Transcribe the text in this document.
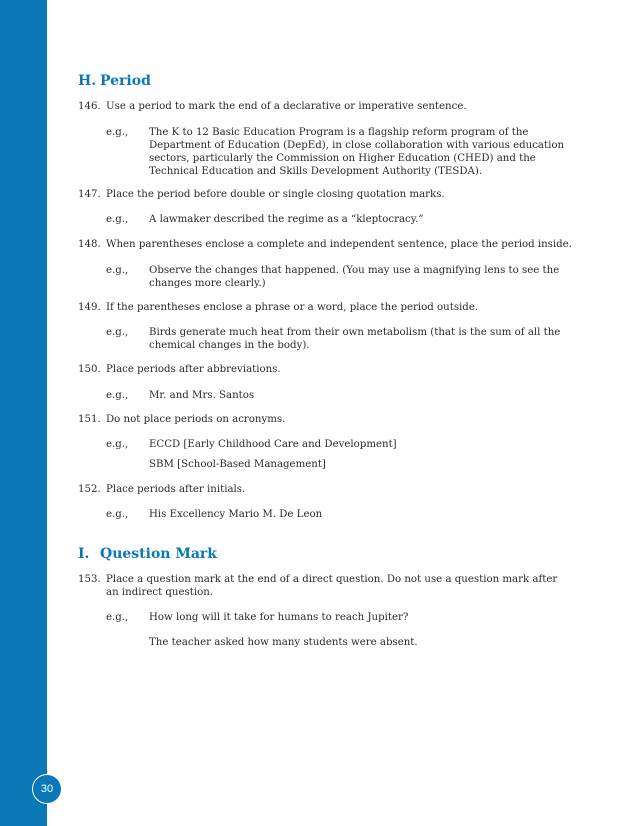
H. Period
146. Use a period to mark the end of a declarative or imperative sentence.
e.g.,	The K to 12 Basic Education Program is a flagship reform program of the
Department of Education (DepEd), in close collaboration with various education
sectors, particularly the Commission on Higher Education (CHED) and the
Technical Education and Skills Development Authority (TESDA).
147. Place the period before double or single closing quotation marks.
e.g.,	A lawmaker described the regime as a “kleptocracy.”
148. When parentheses enclose a complete and independent sentence, place the period inside.
e.g.,	Observe the changes that happened. (You may use a magnifying lens to see the
changes more clearly.)
149. If the parentheses enclose a phrase or a word, place the period outside.
e.g.,	Birds generate much heat from their own metabolism (that is the sum of all the
chemical changes in the body).
150. Place periods after abbreviations.
e.g.,	Mr. and Mrs. Santos
151. Do not place periods on acronyms.
e.g.,	ECCD [Early Childhood Care and Development]
SBM [School-Based Management]
152. Place periods after initials.
e.g.,	His Excellency Mario M. De Leon
I. Question Mark
153. Place a question mark at the end of a direct question. Do not use a question mark after
an indirect question.
e.g.,	How long will it take for humans to reach Jupiter?
The teacher asked how many students were absent.
30
